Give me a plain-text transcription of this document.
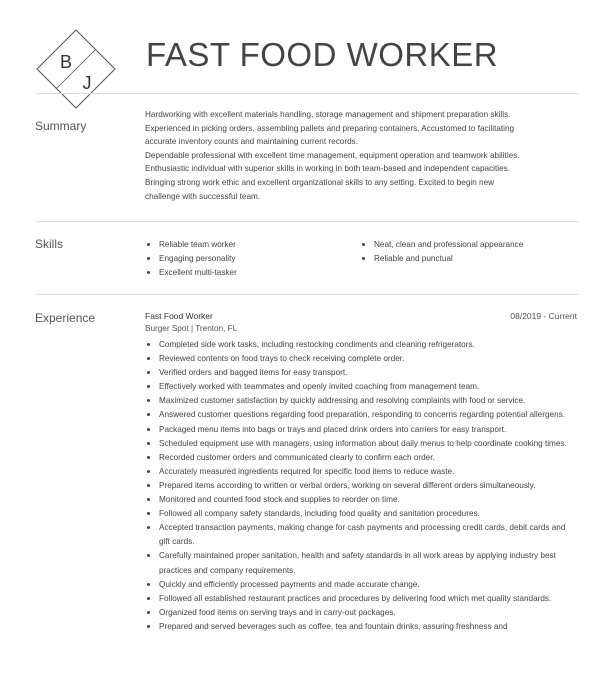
B
J
FAST FOOD WORKER
Summary

Hardworking with excellent materials handling, storage management and shipment preparation skills.

Experienced in picking orders, assembling pallets and preparing containers. Accustomed to facilitating

accurate inventory counts and maintaining current records.

Dependable professional with excellent time management, equipment operation and teamwork abilities.

Enthusiastic individual with superior skills in working in both team-based and independent capacities.

Bringing strong work ethic and excellent organizational skills to any setting. Excited to begin new

challenge with successful team.

Skills	Reliable team worker
Engaging personality
Excellent multi-tasker
Neat, clean and professional appearance
Reliable and punctual
Experience	Fast Food Worker	08/2019 - Current
Burger Spot | Trenton, FL
Completed side work tasks, including restocking condiments and cleaning refrigerators.
Reviewed contents on food trays to check receiving complete order.
Verified orders and bagged items for easy transport.
Effectively worked with teammates and openly invited coaching from management team.
Maximized customer satisfaction by quickly addressing and resolving complaints with food or service.
Answered customer questions regarding food preparation, responding to concerns regarding potential allergens.
Packaged menu items into bags or trays and placed drink orders into carriers for easy transport.
Scheduled equipment use with managers, using information about daily menus to help coordinate cooking times.
Recorded customer orders and communicated clearly to confirm each order.
Accurately measured ingredients required for specific food items to reduce waste.
Prepared items according to written or verbal orders, working on several different orders simultaneously.
Monitored and counted food stock and supplies to reorder on time.
Followed all company safety standards, including food quality and sanitation procedures.
Accepted transaction payments, making change for cash payments and processing credit cards, debit cards and gift cards.
Carefully maintained proper sanitation, health and safety standards in all work areas by applying industry best practices and company requirements.
Quickly and efficiently processed payments and made accurate change.
Followed all established restaurant practices and procedures by delivering food which met quality standards.
Organized food items on serving trays and in carry-out packages.
Prepared and served beverages such as coffee, tea and fountain drinks, assuring freshness and
